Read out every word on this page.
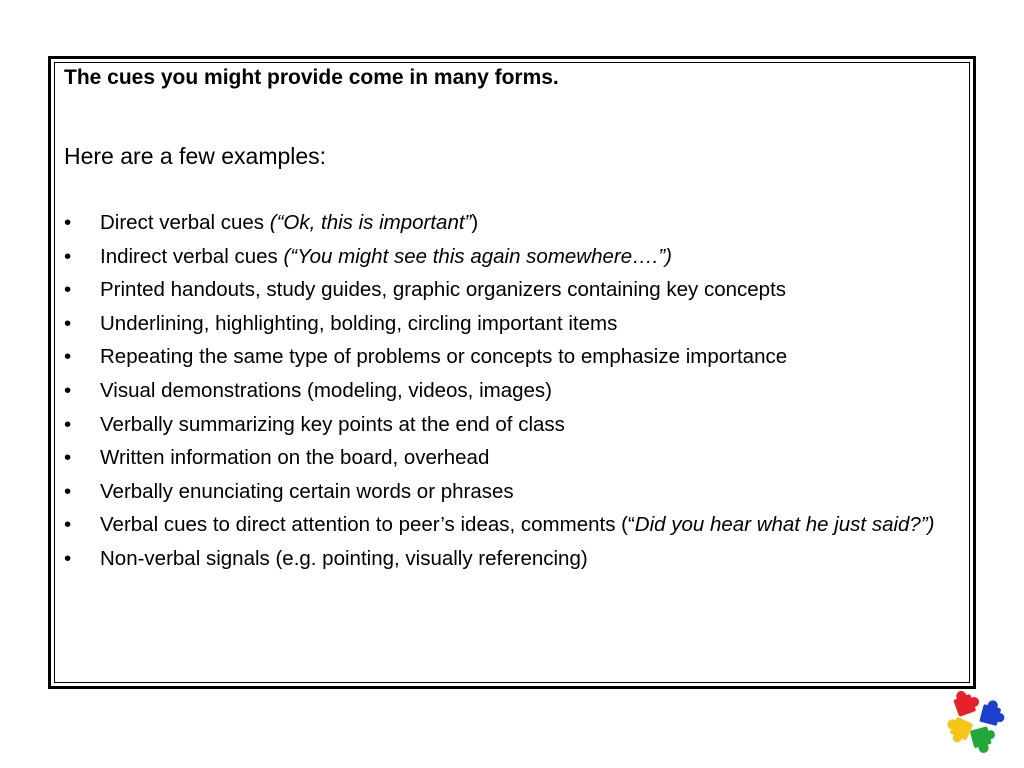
The cues you might provide come in many forms.

Here are a few examples:
• Direct verbal cues (“Ok, this is important”)
• Indirect verbal cues (“You might see this again somewhere….”)
• Printed handouts, study guides, graphic organizers containing key concepts
• Underlining, highlighting, bolding, circling important items
• Repeating the same type of problems or concepts to emphasize importance
• Visual demonstrations (modeling, videos, images)
• Verbally summarizing key points at the end of class
• Written information on the board, overhead
• Verbally enunciating certain words or phrases
• Verbal cues to direct attention to peer’s ideas, comments (“Did you hear what he just said?”)
• Non-verbal signals (e.g. pointing, visually referencing)
